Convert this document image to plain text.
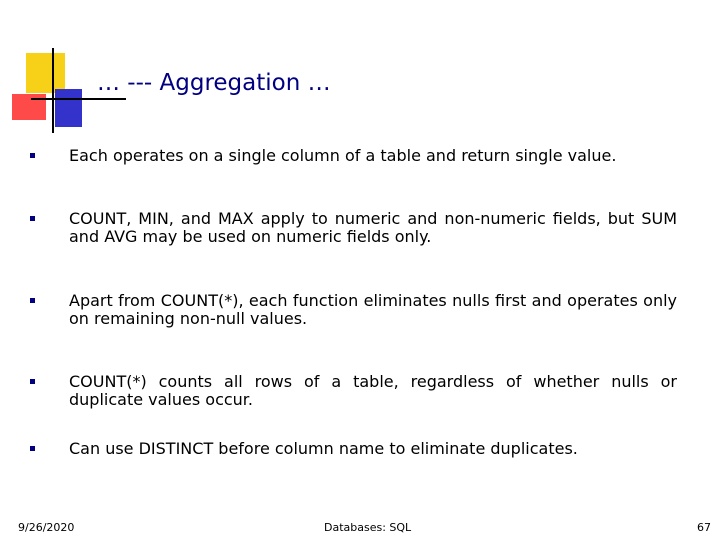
… --- Aggregation …
Each operates on a single column of a table and return single value.
COUNT, MIN, and MAX apply to numeric and non-numeric fields, but SUM and AVG may be used on numeric fields only.
Apart from COUNT(*), each function eliminates nulls first and operates only on remaining non-null values.
COUNT(*) counts all rows of a table, regardless of whether nulls or duplicate values occur.
Can use DISTINCT before column name to eliminate duplicates.
9/26/2020	Databases: SQL	67
